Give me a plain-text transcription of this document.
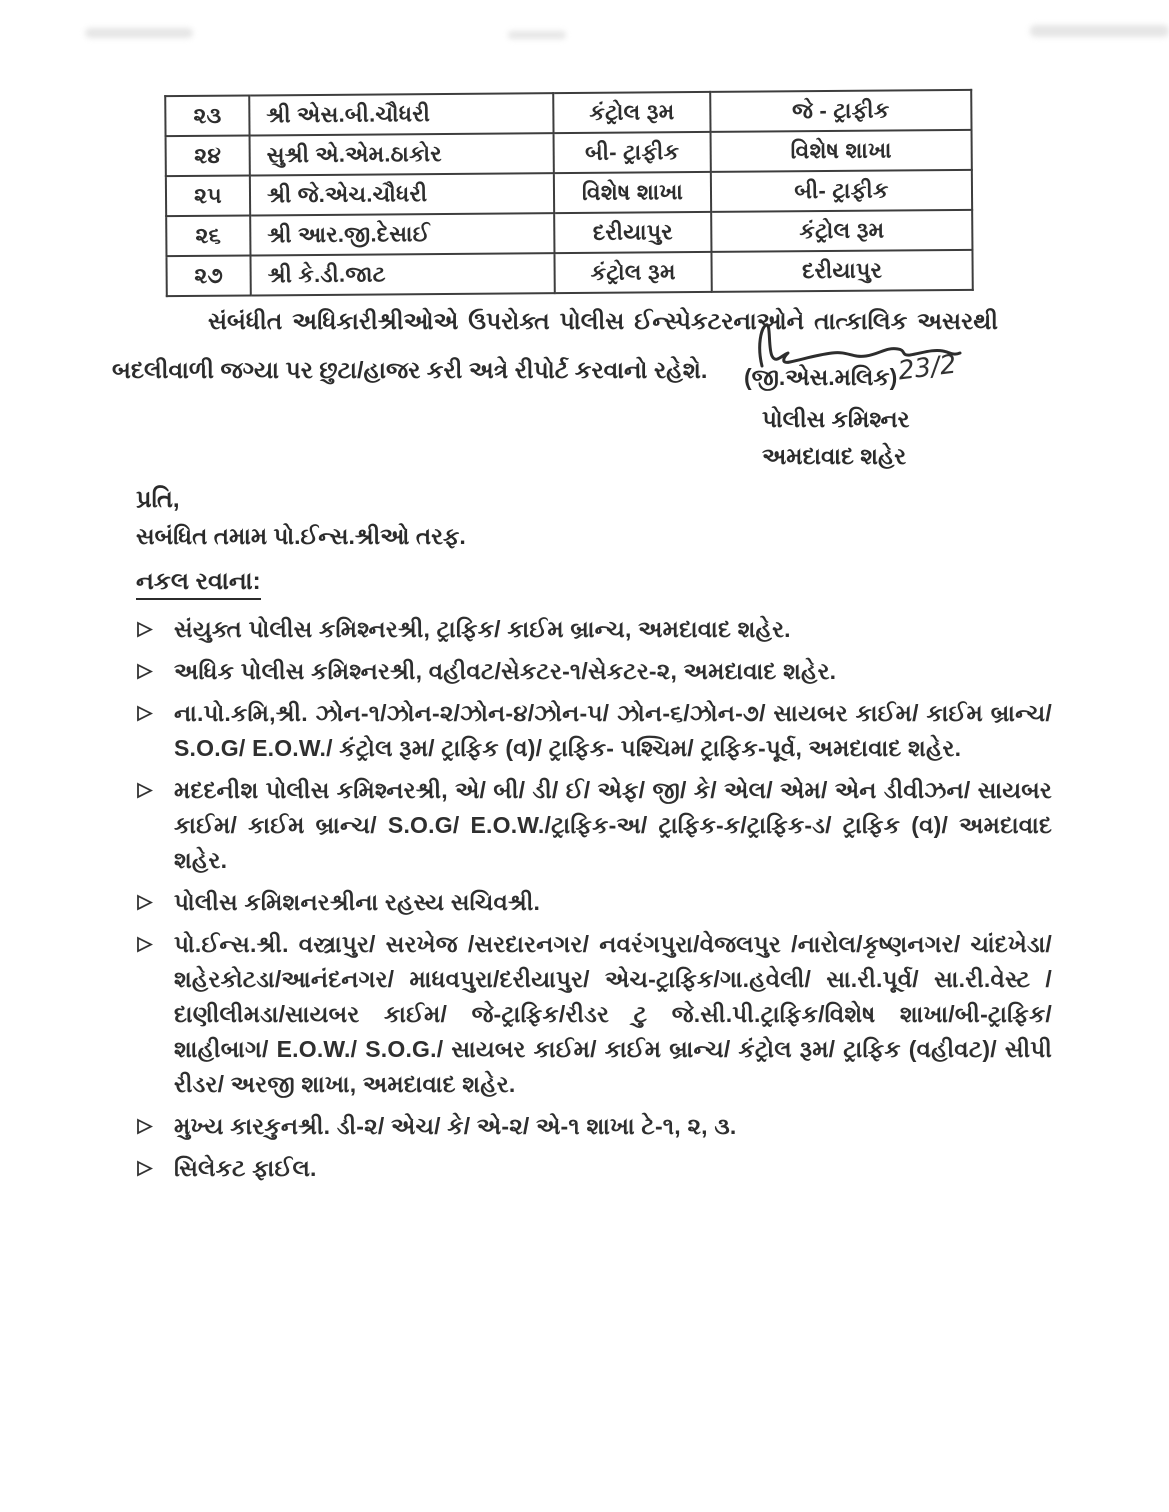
૨૩	શ્રી એસ.બી.ચૌધરી	કંટ્રોલ રૂમ	જે - ટ્રાફીક
૨૪	સુશ્રી એ.એમ.ઠાકોર	બી- ટ્રાફીક	વિશેષ શાખા
૨૫	શ્રી જે.એચ.ચૌધરી	વિશેષ શાખા	બી- ટ્રાફીક
૨૬	શ્રી આર.જી.દેસાઈ	દરીયાપુર	કંટ્રોલ રૂમ
૨૭	શ્રી કે.ડી.જાટ	કંટ્રોલ રૂમ	દરીયાપુર

સંબંધીત અધિકારીશ્રીઓએ ઉપરોક્ત પોલીસ ઈન્સ્પેકટરનાઓને તાત્કાલિક અસરથી બદલીવાળી જગ્યા પર છુટા/હાજર કરી અત્રે રીપોર્ટ કરવાનો રહેશે.	(જી.એસ.મલિક)23/2
પોલીસ કમિશ્નર
અમદાવાદ શહેર
પ્રતિ,
સબંધિત તમામ પો.ઈન્સ.શ્રીઓ તરફ.
નકલ રવાના:
સંયુક્ત પોલીસ કમિશ્નરશ્રી, ટ્રાફિક/ કાઈમ બ્રાન્ચ, અમદાવાદ શહેર.
અધિક પોલીસ કમિશ્નરશ્રી, વહીવટ/સેકટર-૧/સેકટર-૨, અમદાવાદ શહેર.
ના.પો.કમિ,શ્રી. ઝોન-૧/ઝોન-૨/ઝોન-૪/ઝોન-૫/ ઝોન-૬/ઝોન-૭/ સાયબર કાઈમ/ કાઈમ બ્રાન્ચ/ S.O.G/ E.O.W./ કંટ્રોલ રૂમ/ ટ્રાફિક (વ)/ ટ્રાફિક- પશ્ચિમ/ ટ્રાફિક-પૂર્વ, અમદાવાદ શહેર.
મદદનીશ પોલીસ કમિશ્નરશ્રી, એ/ બી/ ડી/ ઈ/ એફ/ જી/ કે/ એલ/ એમ/ એન ડીવીઝન/ સાયબર કાઈમ/ કાઈમ બ્રાન્ચ/ S.O.G/ E.O.W./ટ્રાફિક-અ/ ટ્રાફિક-ક/ટ્રાફિક-ડ/ ટ્રાફિક (વ)/ અમદાવાદ શહેર.
પોલીસ કમિશનરશ્રીના રહસ્ય સચિવશ્રી.
પો.ઈન્સ.શ્રી. વસ્ત્રાપુર/ સરખેજ /સરદારનગર/ નવરંગપુરા/વેજલપુર /નારોલ/કૃષ્ણનગર/ ચાંદખેડા/શહેરકોટડા/આનંદનગર/ માધવપુરા/દરીયાપુર/ એચ-ટ્રાફિક/ગા.હવેલી/ સા.રી.પૂર્વ/ સા.રી.વેસ્ટ /દાણીલીમડા/સાયબર કાઈમ/ જે-ટ્રાફિક/રીડર ટુ જે.સી.પી.ટ્રાફિક/વિશેષ શાખા/બી-ટ્રાફિક/ શાહીબાગ/ E.O.W./ S.O.G./ સાયબર કાઈમ/ કાઈમ બ્રાન્ચ/ કંટ્રોલ રૂમ/ ટ્રાફિક (વહીવટ)/ સીપી રીડર/ અરજી શાખા, અમદાવાદ શહેર.
મુખ્ય કારકુનશ્રી. ડી-૨/ એચ/ કે/ એ-૨/ એ-૧ શાખા ટે-૧, ૨, ૩.
સિલેકટ ફાઈલ.
